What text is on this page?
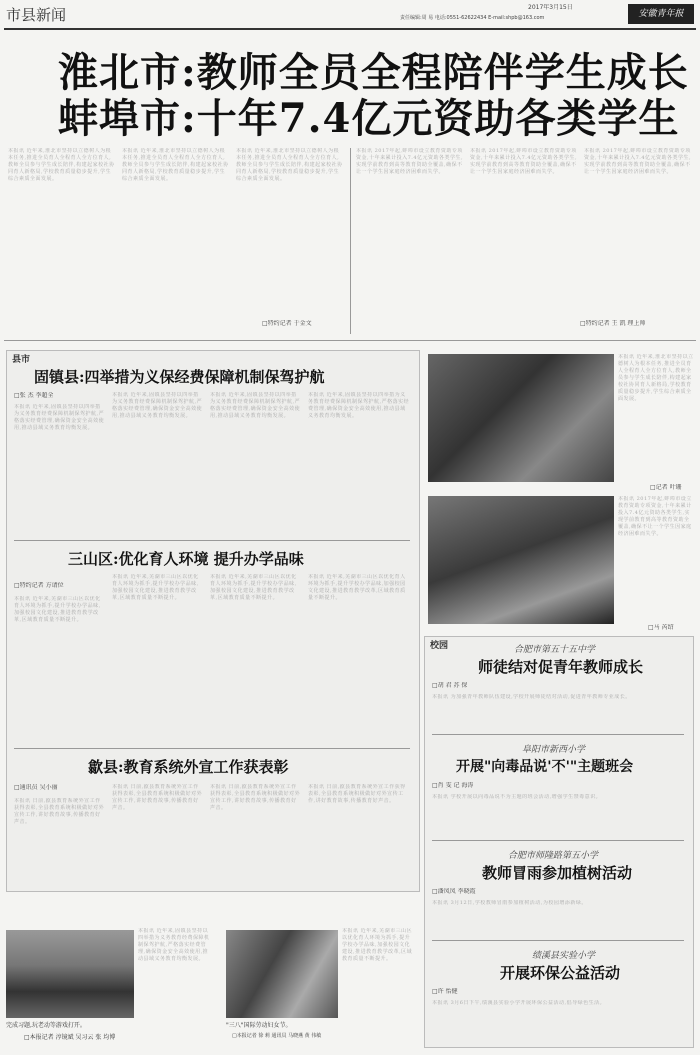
市县新闻	2017年3月15日
责任编辑:周 易 电话:0551-62622434 E-mail:shpb@163.com	安徽青年报
淮北市:教师全员全程陪伴学生成长
蚌埠市:十年7.4亿元资助各类学生
本报讯 近年来,淮北市坚持以立德树人为根本任务,推进全员育人全程育人全方位育人,教师全员参与学生成长陪伴,构建起家校社协同育人新格局,学校教育质量稳步提升,学生综合素质全面发展。
本报讯 近年来,淮北市坚持以立德树人为根本任务,推进全员育人全程育人全方位育人,教师全员参与学生成长陪伴,构建起家校社协同育人新格局,学校教育质量稳步提升,学生综合素质全面发展。
本报讯 近年来,淮北市坚持以立德树人为根本任务,推进全员育人全程育人全方位育人,教师全员参与学生成长陪伴,构建起家校社协同育人新格局,学校教育质量稳步提升,学生综合素质全面发展。
□特约记者 于金文
本报讯 2017年起,蚌埠市设立教育资助专项资金,十年来累计投入7.4亿元资助各类学生,实现学前教育到高等教育资助全覆盖,确保不让一个学生因家庭经济困难而失学。
本报讯 2017年起,蚌埠市设立教育资助专项资金,十年来累计投入7.4亿元资助各类学生,实现学前教育到高等教育资助全覆盖,确保不让一个学生因家庭经济困难而失学。
本报讯 2017年起,蚌埠市设立教育资助专项资金,十年来累计投入7.4亿元资助各类学生,实现学前教育到高等教育资助全覆盖,确保不让一个学生因家庭经济困难而失学。
□特约记者 王 凯 理上帅
县市
固镇县:四举措为义保经费保障机制保驾护航
□张 杰 李超全
本报讯 近年来,固镇县坚持以四举措为义务教育经费保障机制保驾护航,严格落实经费管理,确保资金安全高效使用,推动县域义务教育均衡发展。
本报讯 近年来,固镇县坚持以四举措为义务教育经费保障机制保驾护航,严格落实经费管理,确保资金安全高效使用,推动县域义务教育均衡发展。
本报讯 近年来,固镇县坚持以四举措为义务教育经费保障机制保驾护航,严格落实经费管理,确保资金安全高效使用,推动县域义务教育均衡发展。
本报讯 近年来,固镇县坚持以四举措为义务教育经费保障机制保驾护航,严格落实经费管理,确保资金安全高效使用,推动县域义务教育均衡发展。
三山区:优化育人环境 提升办学品味
□特约记者 方请位
本报讯 近年来,芜湖市三山区以优化育人环境为抓手,提升学校办学品味,加强校园文化建设,推进教育教学改革,区域教育质量不断提升。
本报讯 近年来,芜湖市三山区以优化育人环境为抓手,提升学校办学品味,加强校园文化建设,推进教育教学改革,区域教育质量不断提升。
本报讯 近年来,芜湖市三山区以优化育人环境为抓手,提升学校办学品味,加强校园文化建设,推进教育教学改革,区域教育质量不断提升。
本报讯 近年来,芜湖市三山区以优化育人环境为抓手,提升学校办学品味,加强校园文化建设,推进教育教学改革,区域教育质量不断提升。
歙县:教育系统外宣工作获表彰
□通讯员 吴小丽
本报讯 日前,歙县教育系统外宣工作获得表彰,全县教育系统积极做好对外宣传工作,讲好教育故事,传播教育好声音。
本报讯 日前,歙县教育系统外宣工作获得表彰,全县教育系统积极做好对外宣传工作,讲好教育故事,传播教育好声音。
本报讯 日前,歙县教育系统外宣工作获得表彰,全县教育系统积极做好对外宣传工作,讲好教育故事,传播教育好声音。
本报讯 日前,歙县教育系统外宣工作获得表彰,全县教育系统积极做好对外宣传工作,讲好教育故事,传播教育好声音。
本报讯 近年来,淮北市坚持以立德树人为根本任务,推进全员育人全程育人全方位育人,教师全员参与学生成长陪伴,构建起家校社协同育人新格局,学校教育质量稳步提升,学生综合素质全面发展。
□记者 叶珊
本报讯 2017年起,蚌埠市设立教育资助专项资金,十年来累计投入7.4亿元资助各类学生,实现学前教育到高等教育资助全覆盖,确保不让一个学生因家庭经济困难而失学。
□马 芮绍
校园	合肥市第五十五中学
师徒结对促青年教师成长
□胡 君 苏 保
本报讯 为加强青年教师队伍建设,学校开展师徒结对活动,促进青年教师专业成长。
阜阳市新西小学
开展"向毒品说'不'"主题班会
□肖 雯 记 海涛
本报讯 学校开展以向毒品说不为主题的班会活动,增强学生禁毒意识。
合肥市师隆路第五小学
教师冒雨参加植树活动
□潘凤凤 李晓霞
本报讯 3月12日,学校教师冒雨参加植树活动,为校园增添新绿。
绩溪县实验小学
开展环保公益活动
□许 怡健
本报讯 3月6日下午,绩溪县实验小学开展环保公益活动,倡导绿色生活。
本报讯 近年来,固镇县坚持以四举措为义务教育经费保障机制保驾护航,严格落实经费管理,确保资金安全高效使用,推动县域义务教育均衡发展。
完成习题,玩老动等游戏打开。
□本报记者 淳镜斌 吴习云 张 均博
本报讯 近年来,芜湖市三山区以优化育人环境为抓手,提升学校办学品味,加强校园文化建设,推进教育教学改革,区域教育质量不断提升。
"三八"国际劳动妇女节。
□本报记者 徐 莉 通讯员 马晓燕 黄 伟敏
